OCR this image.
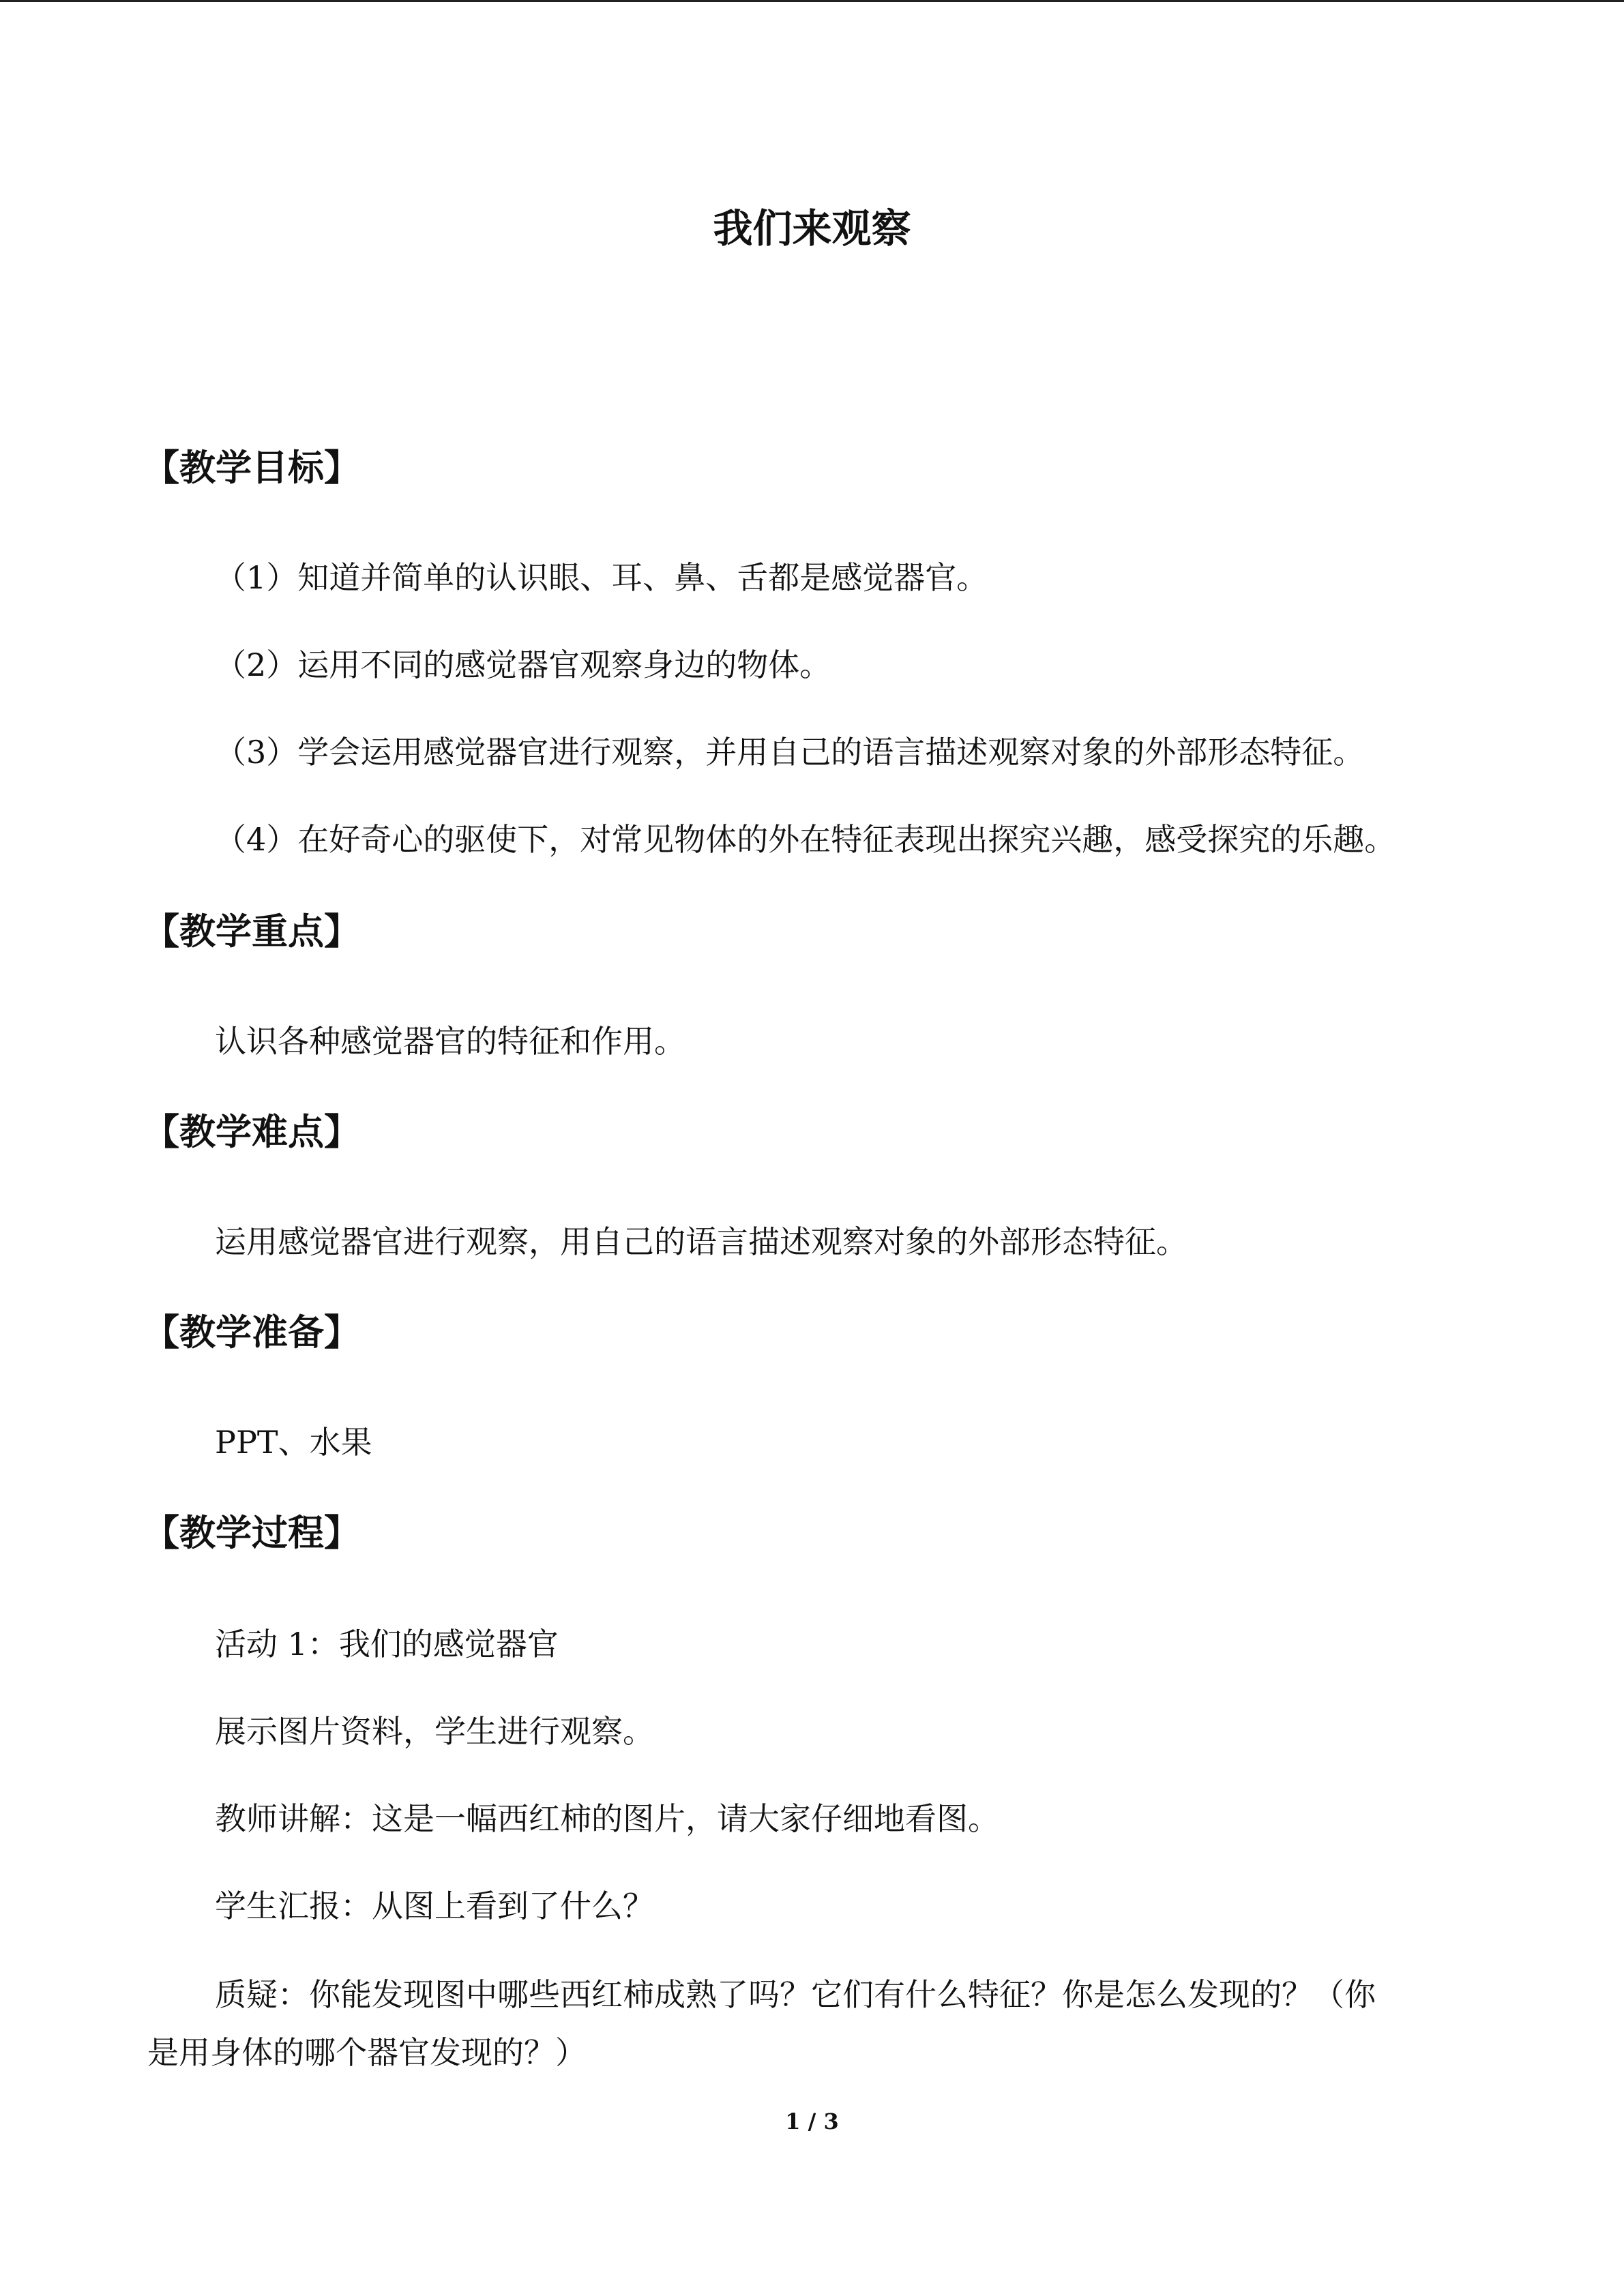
我们来观察
【教学目标】
（1）知道并简单的认识眼、耳、鼻、舌都是感觉器官。
（2）运用不同的感觉器官观察身边的物体。
（3）学会运用感觉器官进行观察，并用自己的语言描述观察对象的外部形态特征。
（4）在好奇心的驱使下，对常见物体的外在特征表现出探究兴趣，感受探究的乐趣。
【教学重点】
认识各种感觉器官的特征和作用。
【教学难点】
运用感觉器官进行观察，用自己的语言描述观察对象的外部形态特征。
【教学准备】
PPT、水果
【教学过程】
活动 1：我们的感觉器官
展示图片资料，学生进行观察。
教师讲解：这是一幅西红柿的图片，请大家仔细地看图。
学生汇报：从图上看到了什么？
质疑：你能发现图中哪些西红柿成熟了吗？它们有什么特征？你是怎么发现的？（你
是用身体的哪个器官发现的？）
1 / 3
